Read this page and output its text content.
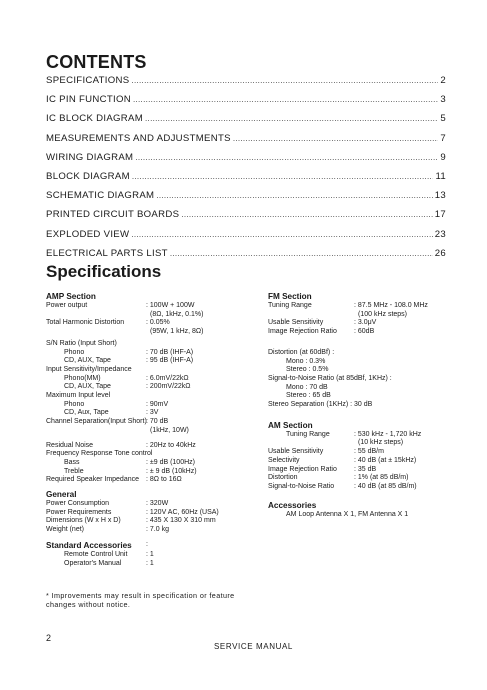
CONTENTS
SPECIFICATIONS .....	2
IC PIN FUNCTION .....	3
IC BLOCK DIAGRAM .....	5
MEASUREMENTS AND ADJUSTMENTS .....	7
WIRING DIAGRAM .....	9
BLOCK DIAGRAM .....	11
SCHEMATIC DIAGRAM .....	13
PRINTED CIRCUIT BOARDS .....	17
EXPLODED VIEW .....	23
ELECTRICAL PARTS LIST .....	26
Specifications
AMP Section
Power output	: 100W + 100W
(8Ω, 1kHz, 0.1%)
Total Harmonic Distortion	: 0.05%
(95W, 1 kHz, 8Ω)
S/N Ratio (Input Short)
Phono	: 70 dB (IHF-A)
CD, AUX, Tape	: 95 dB (IHF-A)
Input Sensitivity/Impedance
Phono(MM)	: 6.0mV/22kΩ
CD, AUX, Tape	: 200mV/22kΩ
Maximum Input level
Phono	: 90mV
CD, Aux, Tape	: 3V
Channel Separation(Input Short) : 70 dB
(1kHz, 10W)
Residual Noise	: 20Hz to 40kHz
Frequency Response Tone control
Bass	: ±9 dB (100Hz)
Treble	: ± 9 dB (10kHz)
Required Speaker Impedance : 8Ω to 16Ω
General
Power Consumption	: 320W
Power Requirements	: 120V AC, 60Hz (USA)
Dimensions (W x H x D)	: 435 X 130 X 310 mm
Weight (net)	: 7.0 kg
Standard Accessories	:
Remote Control Unit	: 1
Operator's Manual	: 1
FM Section
Tuning Range	: 87.5 MHz - 108.0 MHz
(100 kHz steps)
Usable Sensitivity	: 3.0μV
Image Rejection Ratio	: 60dB
Distortion (at 60dBf) :
Mono : 0.3%
Stereo : 0.5%
Signal-to-Noise Ratio (at 85dBf, 1KHz) :
Mono : 70 dB
Stereo : 65 dB
Stereo Separation (1KHz) : 30 dB
AM Section
Tuning Range	: 530 kHz - 1,720 kHz
(10 kHz steps)
Usable Sensitivity	: 55 dB/m
Selectivity	: 40 dB (at ± 15kHz)
Image Rejection Ratio	: 35 dB
Distortion	: 1% (at 85 dB/m)
Signal-to-Noise Ratio	: 40 dB (at 85 dB/m)
Accessories
AM Loop Antenna X 1, FM Antenna X 1
* Improvements may result in specification or feature changes without notice.
2
SERVICE MANUAL
